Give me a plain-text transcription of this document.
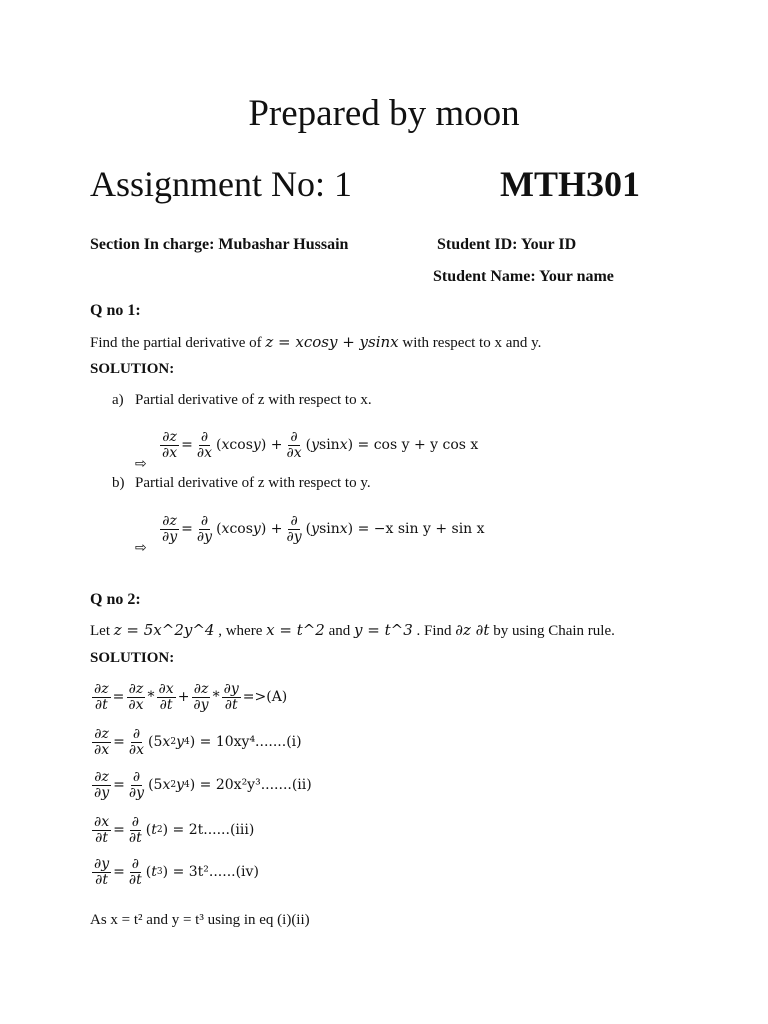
Prepared by moon
Assignment No: 1	MTH301
Section In charge: Mubashar Hussain	Student ID: Your ID
Student Name: Your name
Q no 1:
Find the partial derivative of z = xcosy + ysinx with respect to x and y.
SOLUTION:
a) Partial derivative of z with respect to x.
$\frac{\partial z}{\partial x} = \frac{\partial}{\partial x}$ ( x cos y ) + $\frac{\partial}{\partial x}$ ( y sin x ) = cos y + y cos x
⇨
b) Partial derivative of z with respect to y.
$\frac{\partial z}{\partial y} = \frac{\partial}{\partial y}$ ( x cos y ) + $\frac{\partial}{\partial y}$ ( y sin x ) = −x sin y + sin x
⇨
Q no 2:
Let z = 5x^2y^4 , where x = t^2 and y = t^3 . Find ∂z ∂t by using Chain rule.
SOLUTION:
$\frac{\partial z}{\partial t} = \frac{\partial z}{\partial x} * \frac{\partial x}{\partial t} + \frac{\partial z}{\partial y} * \frac{\partial y}{\partial t} =>(A)$
$\frac{\partial z}{\partial x} = \frac{\partial}{\partial x} (5$ x 2 y 4 ) = 10xy⁴.......(i)
$\frac{\partial z}{\partial y} = \frac{\partial}{\partial y} (5$ x 2 y 4 ) = 20x²y³.......(ii)
$\frac{\partial x}{\partial t} = \frac{\partial}{\partial t}$ ( t 2 ) = 2t......(iii)
$\frac{\partial y}{\partial t} = \frac{\partial}{\partial t}$ ( t 3 ) = 3t²......(iv)
As x = t² and y = t³ using in eq (i)(ii)
